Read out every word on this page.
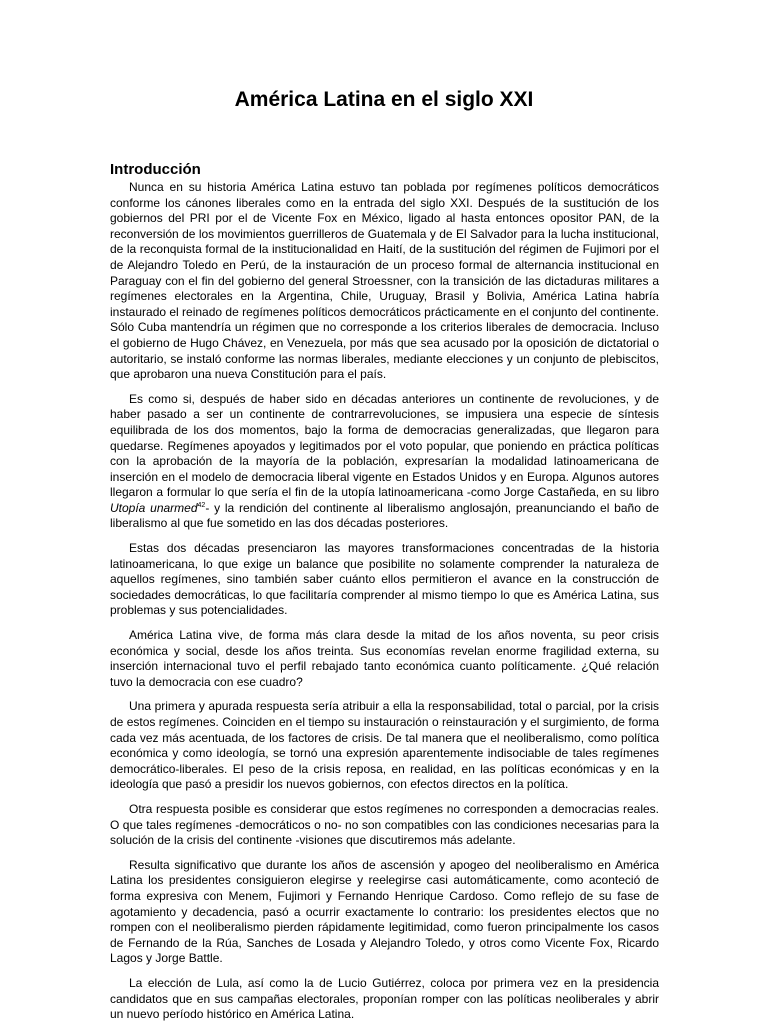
América Latina en el siglo XXI
Introducción

Nunca en su historia América Latina estuvo tan poblada por regímenes políticos democráticos conforme los cánones liberales como en la entrada del siglo XXI. Después de la sustitución de los gobiernos del PRI por el de Vicente Fox en México, ligado al hasta entonces opositor PAN, de la reconversión de los movimientos guerrilleros de Guatemala y de El Salvador para la lucha institucional, de la reconquista formal de la institucionalidad en Haití, de la sustitución del régimen de Fujimori por el de Alejandro Toledo en Perú, de la instauración de un proceso formal de alternancia institucional en Paraguay con el fin del gobierno del general Stroessner, con la transición de las dictaduras militares a regímenes electorales en la Argentina, Chile, Uruguay, Brasil y Bolivia, América Latina habría instaurado el reinado de regímenes políticos democráticos prácticamente en el conjunto del continente. Sólo Cuba mantendría un régimen que no corresponde a los criterios liberales de democracia. Incluso el gobierno de Hugo Chávez, en Venezuela, por más que sea acusado por la oposición de dictatorial o autoritario, se instaló conforme las normas liberales, mediante elecciones y un conjunto de plebiscitos, que aprobaron una nueva Constitución para el país.

Es como si, después de haber sido en décadas anteriores un continente de revoluciones, y de haber pasado a ser un continente de contrarrevoluciones, se impusiera una especie de síntesis equilibrada de los dos momentos, bajo la forma de democracias generalizadas, que llegaron para quedarse. Regímenes apoyados y legitimados por el voto popular, que poniendo en práctica políticas con la aprobación de la mayoría de la población, expresarían la modalidad latinoamericana de inserción en el modelo de democracia liberal vigente en Estados Unidos y en Europa. Algunos autores llegaron a formular lo que sería el fin de la utopía latinoamericana -como Jorge Castañeda, en su libro Utopía unarmed$^{42}$- y la rendición del continente al liberalismo anglosajón, preanunciando el baño de liberalismo al que fue sometido en las dos décadas posteriores.

Estas dos décadas presenciaron las mayores transformaciones concentradas de la historia latinoamericana, lo que exige un balance que posibilite no solamente comprender la naturaleza de aquellos regímenes, sino también saber cuánto ellos permitieron el avance en la construcción de sociedades democráticas, lo que facilitaría comprender al mismo tiempo lo que es América Latina, sus problemas y sus potencialidades.

América Latina vive, de forma más clara desde la mitad de los años noventa, su peor crisis económica y social, desde los años treinta. Sus economías revelan enorme fragilidad externa, su inserción internacional tuvo el perfil rebajado tanto económica cuanto políticamente. ¿Qué relación tuvo la democracia con ese cuadro?

Una primera y apurada respuesta sería atribuir a ella la responsabilidad, total o parcial, por la crisis de estos regímenes. Coinciden en el tiempo su instauración o reinstauración y el surgimiento, de forma cada vez más acentuada, de los factores de crisis. De tal manera que el neoliberalismo, como política económica y como ideología, se tornó una expresión aparentemente indisociable de tales regímenes democrático-liberales. El peso de la crisis reposa, en realidad, en las políticas económicas y en la ideología que pasó a presidir los nuevos gobiernos, con efectos directos en la política.

Otra respuesta posible es considerar que estos regímenes no corresponden a democracias reales. O que tales regímenes -democráticos o no- no son compatibles con las condiciones necesarias para la solución de la crisis del continente -visiones que discutiremos más adelante.

Resulta significativo que durante los años de ascensión y apogeo del neoliberalismo en América Latina los presidentes consiguieron elegirse y reelegirse casi automáticamente, como aconteció de forma expresiva con Menem, Fujimori y Fernando Henrique Cardoso. Como reflejo de su fase de agotamiento y decadencia, pasó a ocurrir exactamente lo contrario: los presidentes electos que no rompen con el neoliberalismo pierden rápidamente legitimidad, como fueron principalmente los casos de Fernando de la Rúa, Sanches de Losada y Alejandro Toledo, y otros como Vicente Fox, Ricardo Lagos y Jorge Battle.

La elección de Lula, así como la de Lucio Gutiérrez, coloca por primera vez en la presidencia candidatos que en sus campañas electorales, proponían romper con las políticas neoliberales y abrir un nuevo período histórico en América Latina.
